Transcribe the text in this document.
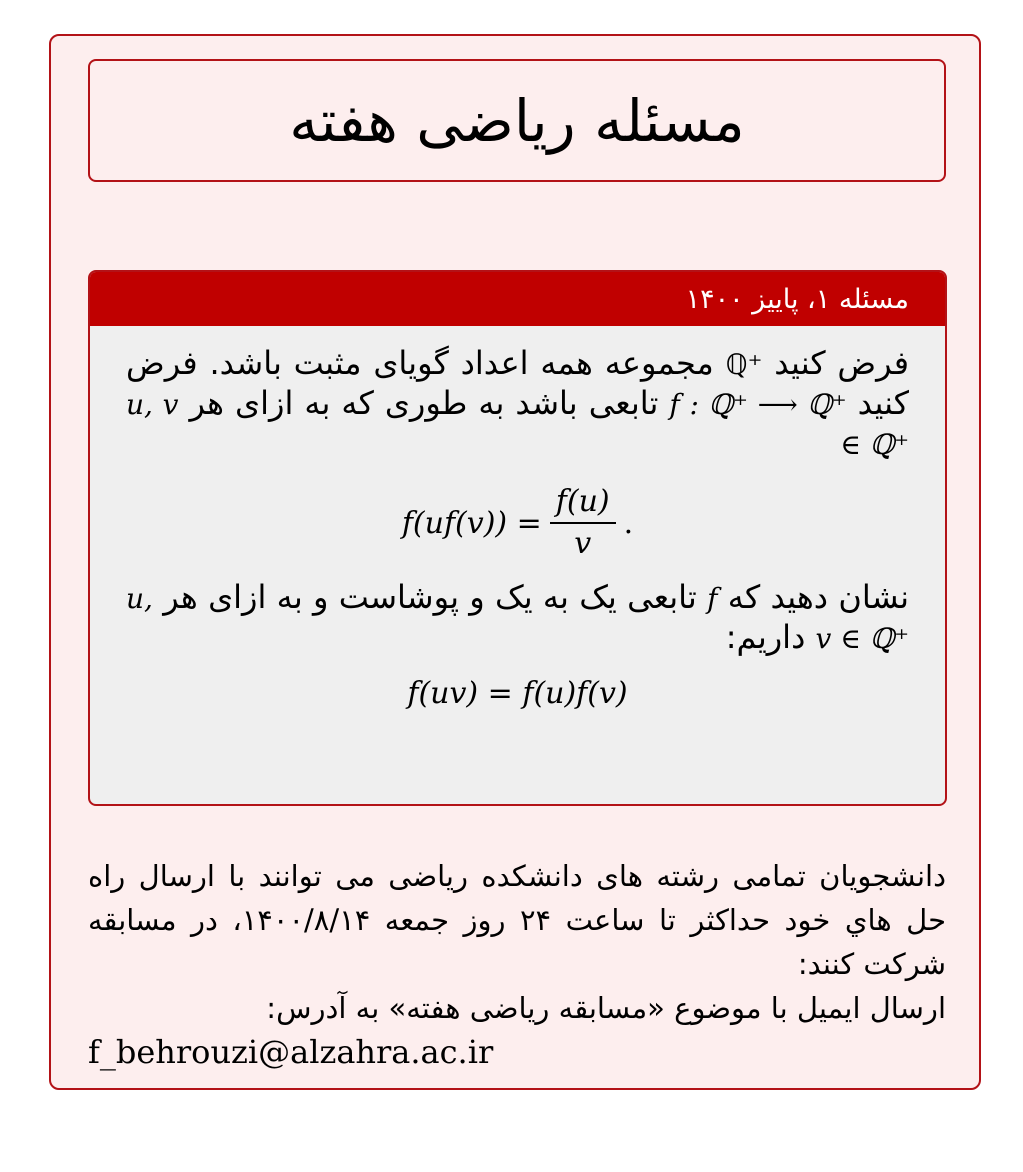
مسئله ریاضی هفته
مسئله ۱، پاییز ۱۴۰۰
فرض کنید ℚ⁺ مجموعه همه اعداد گویای مثبت باشد. فرض کنید f : ℚ⁺ ⟶ ℚ⁺ تابعی باشد به طوری که به ازای هر u, v ∈ ℚ⁺
$f(uf(v)) = \frac{f(u)}{v}$ .
نشان دهید که f تابعی یک به یک و پوشاست و به ازای هر u, v ∈ ℚ⁺ داریم:
f(uv) = f(u)f(v)
دانشجویان تمامی رشته های دانشکده ریاضی می توانند با ارسال راه حل هاي خود حداکثر تا ساعت ۲۴ روز جمعه ۱۴۰۰/۸/۱۴، در مسابقه شرکت کنند:
ارسال ایمیل با موضوع «مسابقه ریاضی هفته» به آدرس:
f_behrouzi@alzahra.ac.ir
